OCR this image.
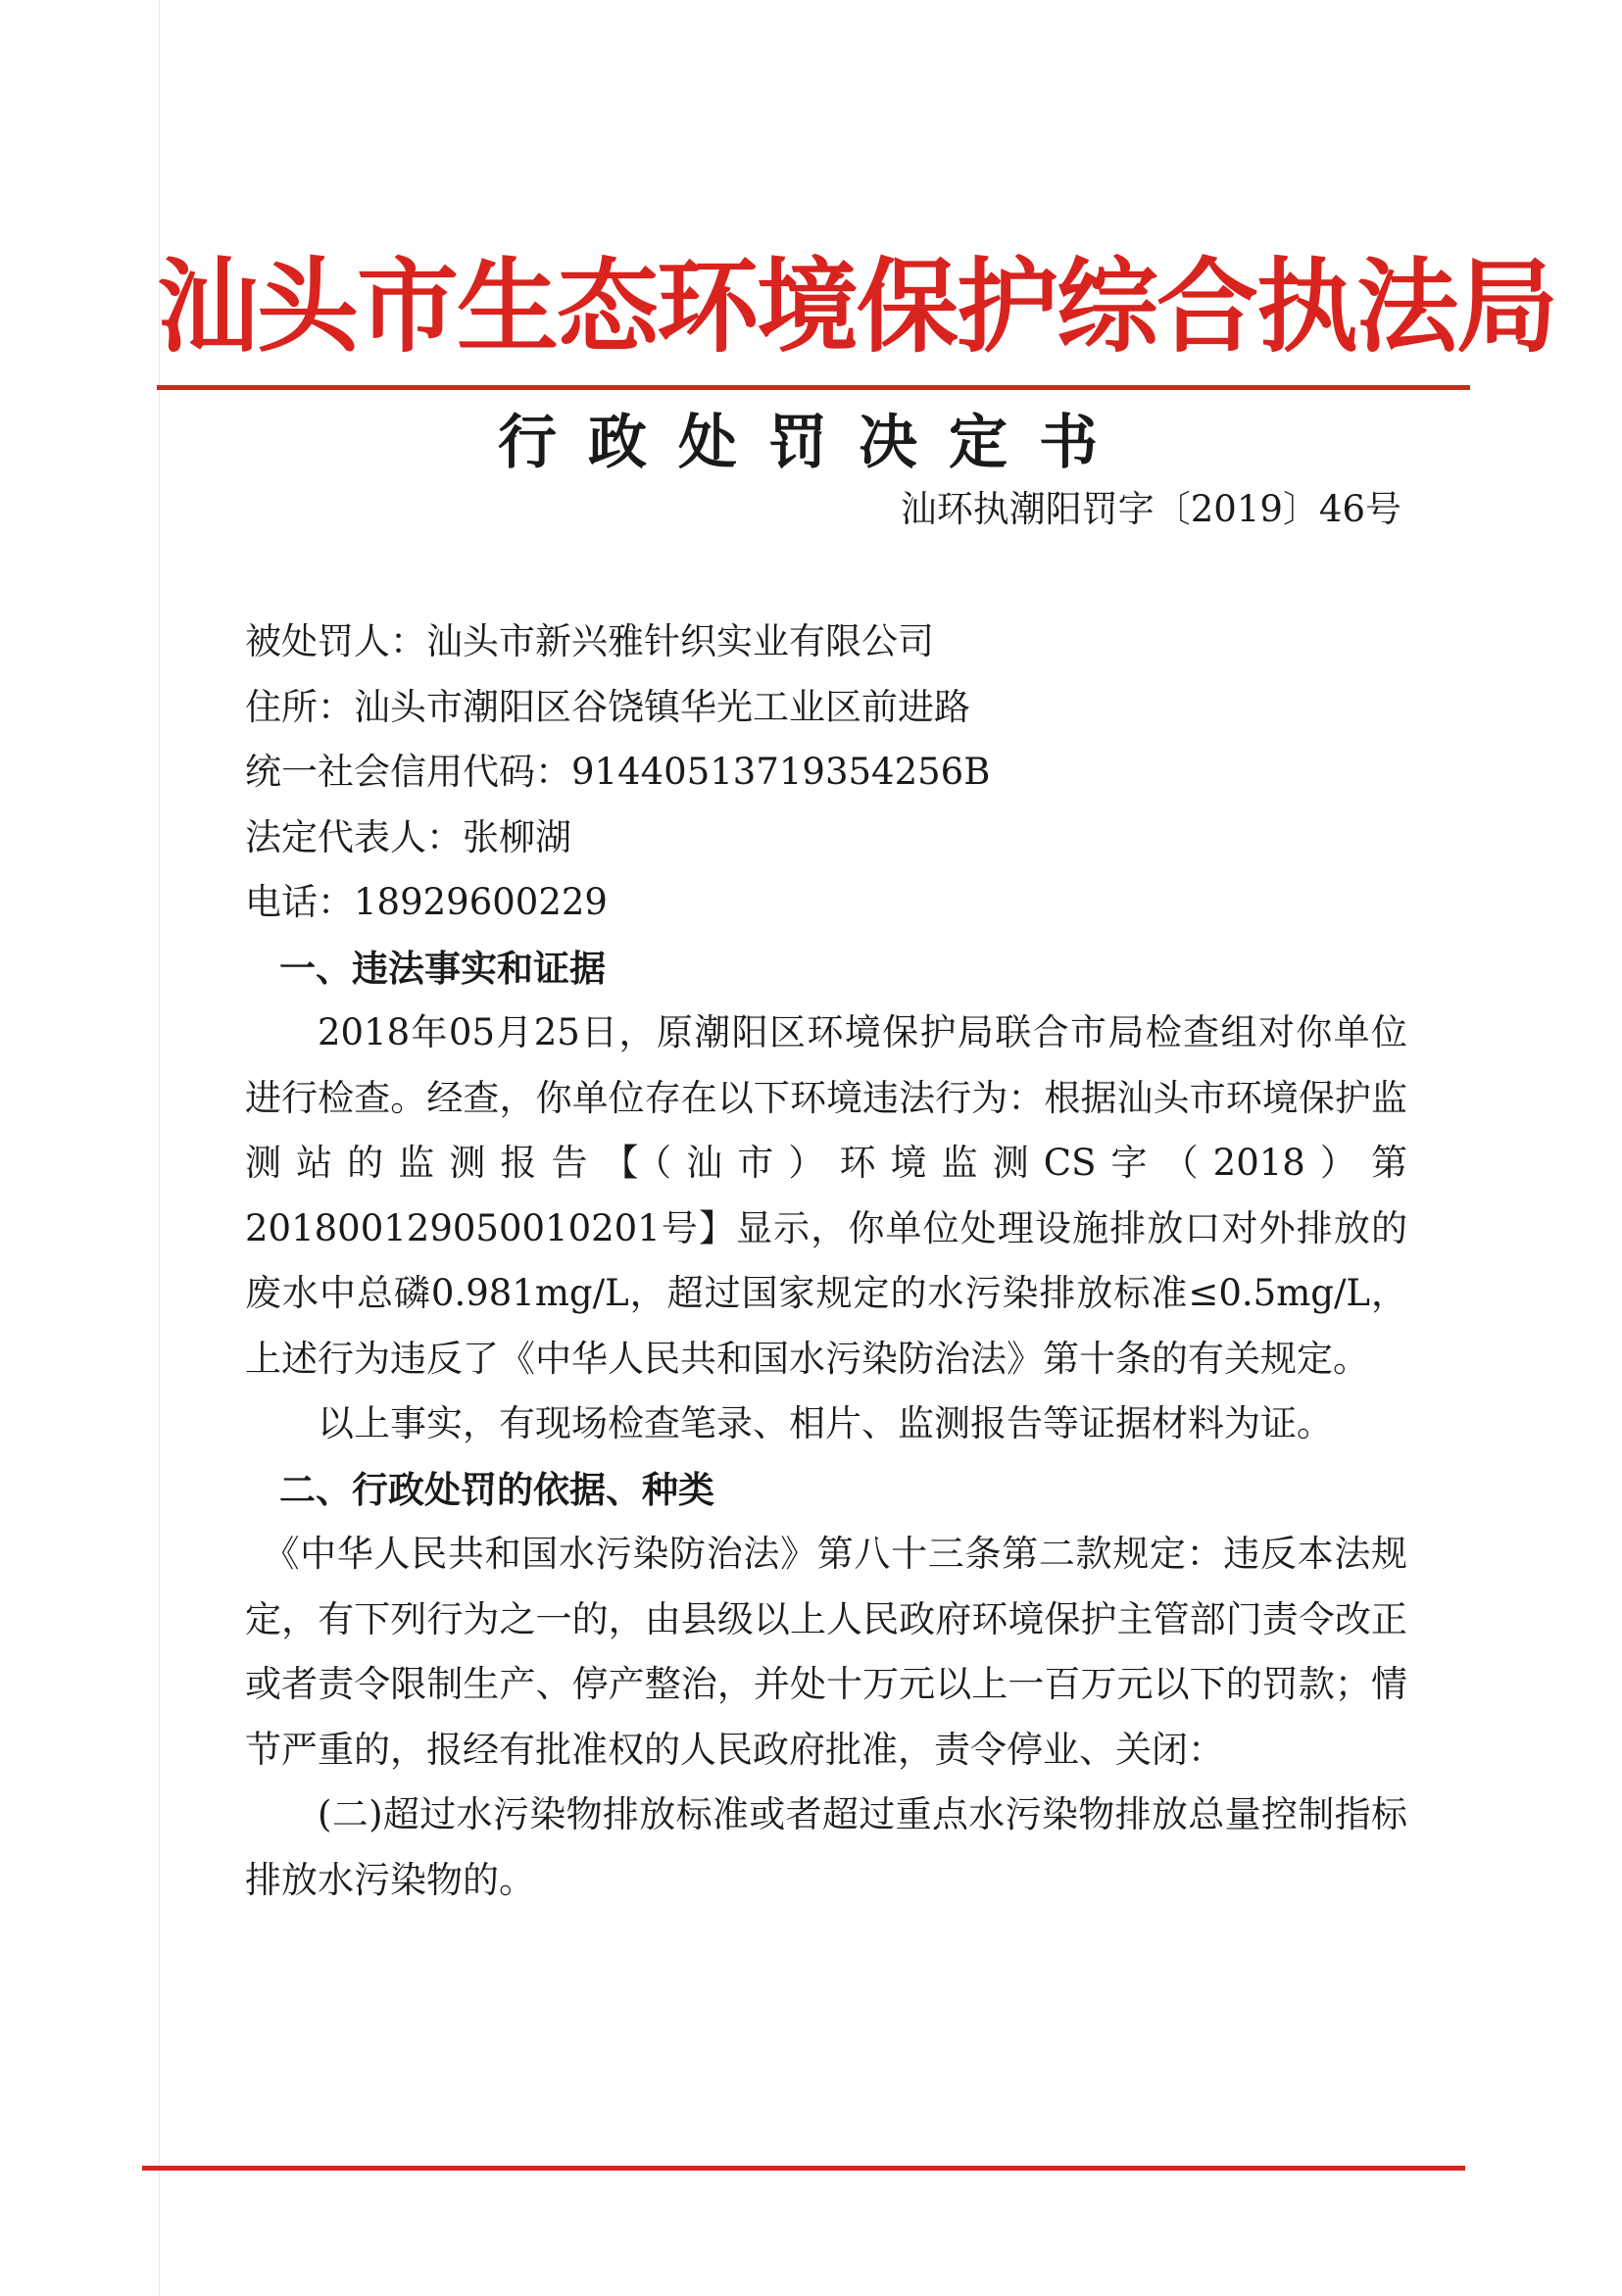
汕头市生态环境保护综合执法局
行政处罚决定书
汕环执潮阳罚字〔2019〕46号
被处罚人：汕头市新兴雅针织实业有限公司
住所：汕头市潮阳区谷饶镇华光工业区前进路
统一社会信用代码：91440513719354256B
法定代表人：张柳湖
电话：18929600229
一、违法事实和证据
2018年05月25日，原潮阳区环境保护局联合市局检查组对你单位进行检查。经查，你单位存在以下环境违法行为：根据汕头市环境保护监测站的监测报告【（汕市）环境监测CS字（2018）第20180012905001020​1号】显示，你单位处理设施排放口对外排放的废水中总磷0.981mg/L，超过国家规定的水污染排放标准≤0.5mg/L，上述行为违反了《中华人民共和国水污染防治法》第十条的有关规定。
以上事实，有现场检查笔录、相片、监测报告等证据材料为证。
二、行政处罚的依据、种类
《中华人民共和国水污染防治法》第八十三条第二款规定：违反本法规定，有下列行为之一的，由县级以上人民政府环境保护主管部门责令改正或者责令限制生产、停产整治，并处十万元以上一百万元以下的罚款；情节严重的，报经有批准权的人民政府批准，责令停业、关闭：
(二)超过水污染物排放标准或者超过重点水污染物排放总量控制指标排放水污染物的。
